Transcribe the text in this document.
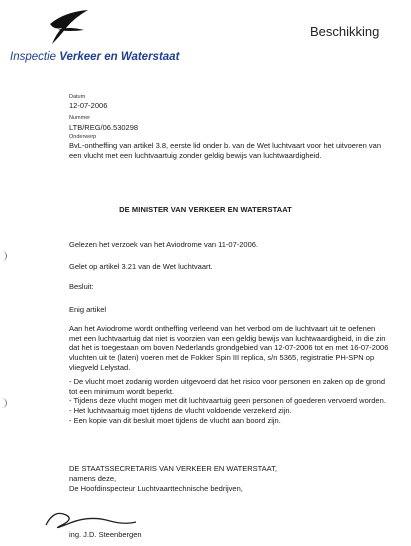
Inspectie Verkeer en Waterstaat
Beschikking
Datum
12-07-2006
Nummer
LTB/REG/06.530298
Onderwerp
BvL-ontheffing van artikel 3.8, eerste lid onder b. van de Wet luchtvaart voor het uitvoeren van een vlucht met een luchtvaartuig zonder geldig bewijs van luchtwaardigheid.
DE MINISTER VAN VERKEER EN WATERSTAAT
Gelezen het verzoek van het Aviodrome van 11-07-2006.
Gelet op artikel 3.21 van de Wet luchtvaart.
Besluit:
Enig artikel
Aan het Aviodrome wordt ontheffing verleend van het verbod om de luchtvaart uit te oefenen met een luchtvaartuig dat niet is voorzien van een geldig bewijs van luchtwaardigheid, in die zin dat het is toegestaan om boven Nederlands grondgebied van 12-07-2006 tot en met 16-07-2006 vluchten uit te (laten) voeren met de Fokker Spin III replica, s/n 5365, registratie PH-SPN op vliegveld Lelystad.
- De vlucht moet zodanig worden uitgevoerd dat het risico voor personen en zaken op de grond tot een minimum wordt beperkt.
- Tijdens deze vlucht mogen met dit luchtvaartuig geen personen of goederen vervoerd worden.
- Het luchtvaartuig moet tijdens de vlucht voldoende verzekerd zijn.
- Een kopie van dit besluit moet tijdens de vlucht aan boord zijn.
DE STAATSSECRETARIS VAN VERKEER EN WATERSTAAT,
namens deze,
De Hoofdinspecteur Luchtvaarttechnische bedrijven,
ing. J.D. Steenbergen
